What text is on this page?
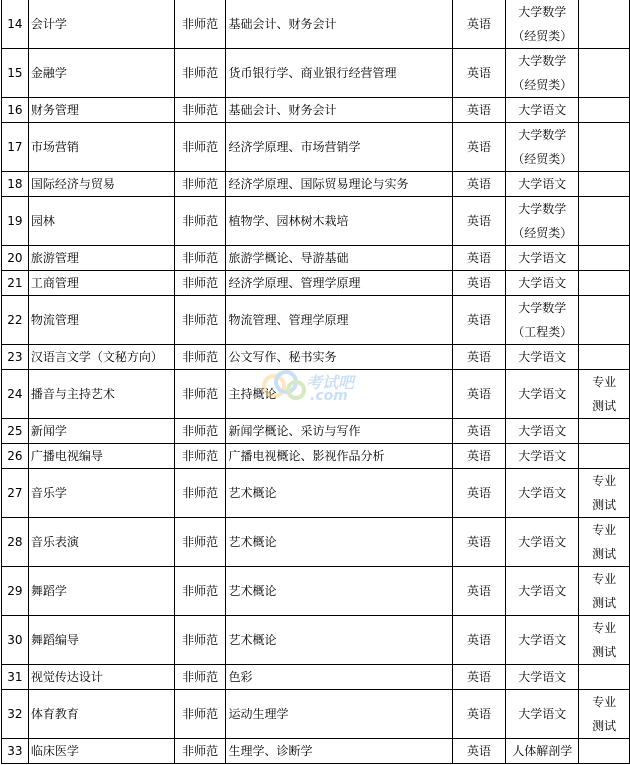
14	会计学	非师范	基础会计、财务会计	英语	大学数学
（经贸类）	

15	金融学	非师范	货币银行学、商业银行经营管理	英语	大学数学
（经贸类）	

16	财务管理	非师范	基础会计、财务会计	英语	大学语文	

17	市场营销	非师范	经济学原理、市场营销学	英语	大学数学
（经贸类）	

18	国际经济与贸易	非师范	经济学原理、国际贸易理论与实务	英语	大学语文	

19	园林	非师范	植物学、园林树木栽培	英语	大学数学
（经贸类）	

20	旅游管理	非师范	旅游学概论、导游基础	英语	大学语文	

21	工商管理	非师范	经济学原理、管理学原理	英语	大学语文	

22	物流管理	非师范	物流管理、管理学原理	英语	大学数学
（工程类）	

23	汉语言文学（文秘方向）	非师范	公文写作、秘书实务	英语	大学语文	

24	播音与主持艺术	非师范	主持概论	英语	大学语文	专业
测试

25	新闻学	非师范	新闻学概论、采访与写作	英语	大学语文	

26	广播电视编导	非师范	广播电视概论、影视作品分析	英语	大学语文	

27	音乐学	非师范	艺术概论	英语	大学语文	专业
测试

28	音乐表演	非师范	艺术概论	英语	大学语文	专业
测试

29	舞蹈学	非师范	艺术概论	英语	大学语文	专业
测试

30	舞蹈编导	非师范	艺术概论	英语	大学语文	专业
测试

31	视觉传达设计	非师范	色彩	英语	大学语文	

32	体育教育	非师范	运动生理学	英语	大学语文	专业
测试

33	临床医学	非师范	生理学、诊断学	英语	人体解剖学	

考试吧
.com
